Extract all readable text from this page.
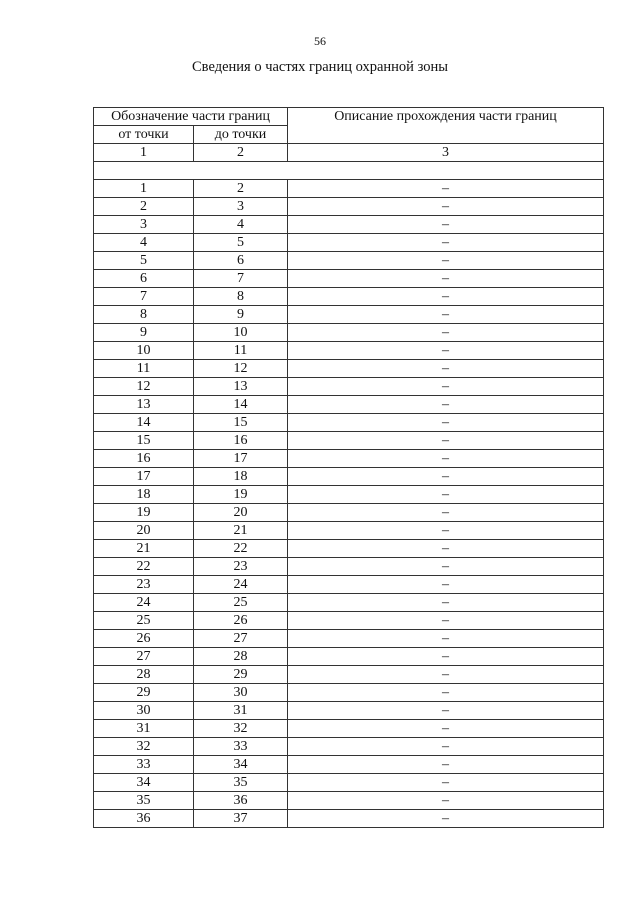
56
Сведения о частях границ охранной зоны
Обозначение части границ		Описание прохождения части границ
от точки	до точки	
1	2	3

1	2	–
2	3	–
3	4	–
4	5	–
5	6	–
6	7	–
7	8	–
8	9	–
9	10	–
10	11	–
11	12	–
12	13	–
13	14	–
14	15	–
15	16	–
16	17	–
17	18	–
18	19	–
19	20	–
20	21	–
21	22	–
22	23	–
23	24	–
24	25	–
25	26	–
26	27	–
27	28	–
28	29	–
29	30	–
30	31	–
31	32	–
32	33	–
33	34	–
34	35	–
35	36	–
36	37	–
